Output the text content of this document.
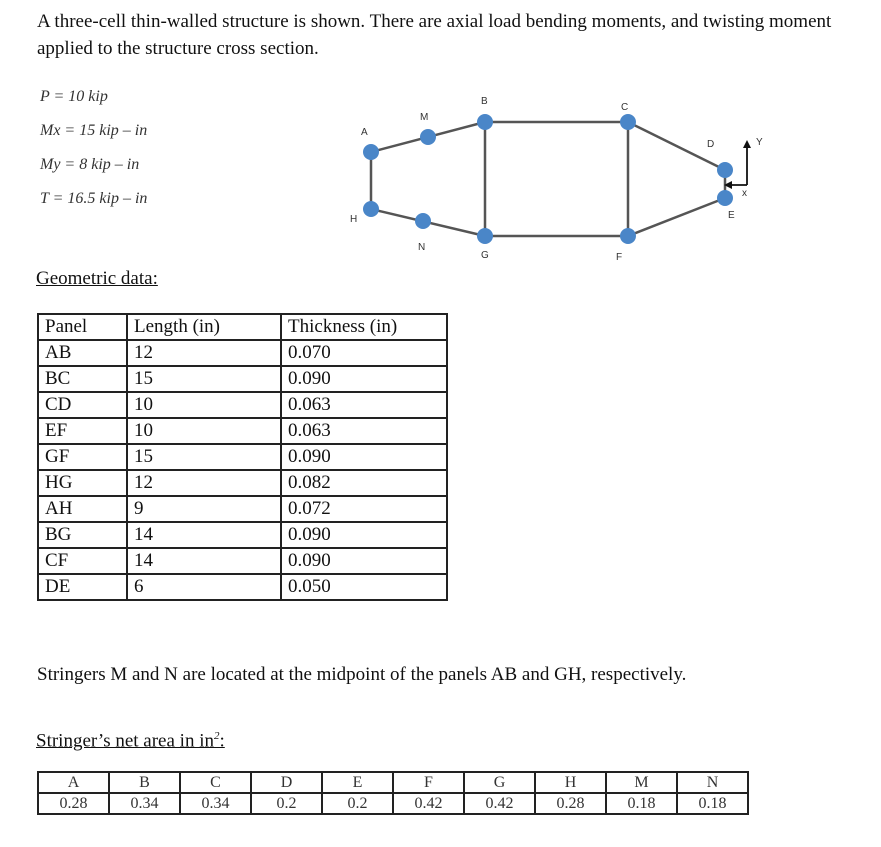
A three-cell thin-walled structure is shown. There are axial load bending moments, and twisting moment applied to the structure cross section.
P = 10 kip
Mx = 15 kip – in
My = 8 kip – in
T = 16.5 kip – in
A
M
B
C
D
E
F
G
N
H
Y
x
Geometric data:
Panel	Length (in)	Thickness (in)
AB	12	0.070
BC	15	0.090
CD	10	0.063
EF	10	0.063
GF	15	0.090
HG	12	0.082
AH	9	0.072
BG	14	0.090
CF	14	0.090
DE	6	0.050
Stringers M and N are located at the midpoint of the panels AB and GH, respectively.
Stringer’s net area in $in^2$:
A	B	C	D	E	F	G	H	M	N
0.28	0.34	0.34	0.2	0.2	0.42	0.42	0.28	0.18	0.18
